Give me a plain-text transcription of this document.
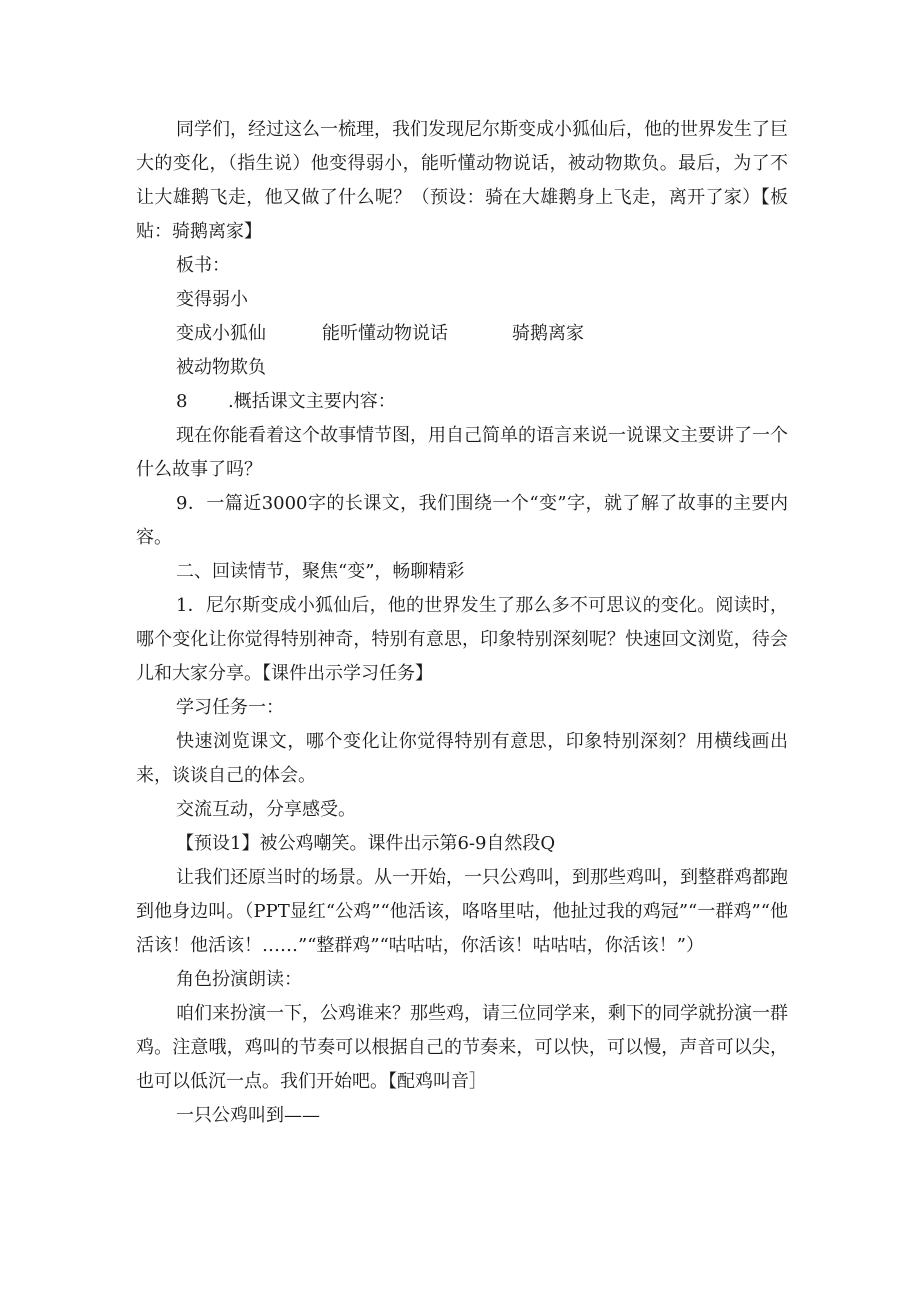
同学们，经过这么一梳理，我们发现尼尔斯变成小狐仙后，他的世界发生了巨大的变化，（指生说）他变得弱小，能听懂动物说话，被动物欺负。最后，为了不让大雄鹅飞走，他又做了什么呢？（预设：骑在大雄鹅身上飞走，离开了家）【板贴：骑鹅离家】

板书：

变得弱小

变成小狐仙	能听懂动物说话	骑鹅离家

被动物欺负

8 .概括课文主要内容：

现在你能看着这个故事情节图，用自己简单的语言来说一说课文主要讲了一个什么故事了吗？

9．一篇近3000字的长课文，我们围绕一个“变”字，就了解了故事的主要内容。

二、回读情节，聚焦“变”，畅聊精彩

1．尼尔斯变成小狐仙后，他的世界发生了那么多不可思议的变化。阅读时，哪个变化让你觉得特别神奇，特别有意思，印象特别深刻呢？快速回文浏览，待会儿和大家分享。【课件出示学习任务】

学习任务一：

快速浏览课文，哪个变化让你觉得特别有意思，印象特别深刻？用横线画出来，谈谈自己的体会。

交流互动，分享感受。

【预设1】被公鸡嘲笑。课件出示第6-9自然段Q

让我们还原当时的场景。从一开始，一只公鸡叫，到那些鸡叫，到整群鸡都跑到他身边叫。（PPT显红“公鸡”“他活该，咯咯里咕，他扯过我的鸡冠”“一群鸡”“他活该！他活该！……”“整群鸡”“咕咕咕，你活该！咕咕咕，你活该！”）

角色扮演朗读：

咱们来扮演一下，公鸡谁来？那些鸡，请三位同学来，剩下的同学就扮演一群鸡。注意哦，鸡叫的节奏可以根据自己的节奏来，可以快，可以慢，声音可以尖，也可以低沉一点。我们开始吧。【配鸡叫音］

一只公鸡叫到——
